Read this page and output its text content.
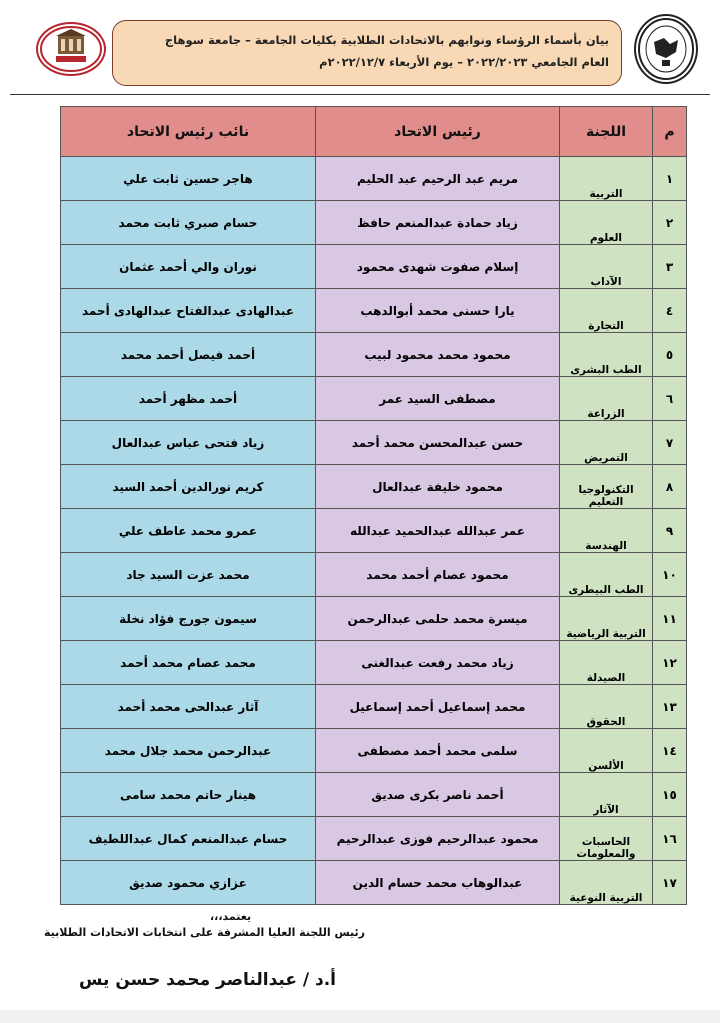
بيان بأسماء الرؤساء ونوابهم بالاتحادات الطلابية بكليات الجامعة – جامعة سوهاج
العام الجامعي ٢٠٢٢/٢٠٢٣ – يوم الأربعاء ٢٠٢٢/١٢/٧م
م	اللجنة	رئيس الاتحاد	نائب رئيس الاتحاد
١	التربية	مريم عبد الرحيم عبد الحليم	هاجر حسين ثابت علي
٢	العلوم	زياد حمادة عبدالمنعم حافظ	حسام صبري ثابت محمد
٣	الآداب	إسلام صفوت شهدى محمود	نوران والي أحمد عثمان
٤	التجارة	يارا حسنى محمد أبوالدهب	عبدالهادى عبدالفتاح عبدالهادى أحمد
٥	الطب البشرى	محمود محمد محمود لبيب	أحمد فيصل أحمد محمد
٦	الزراعة	مصطفى السيد عمر	أحمد مظهر أحمد
٧	التمريض	حسن عبدالمحسن محمد أحمد	زياد فتحى عباس عبدالعال
٨	التكنولوجيا التعليم	محمود خليفة عبدالعال	كريم نورالدين أحمد السيد
٩	الهندسة	عمر عبدالله عبدالحميد عبدالله	عمرو محمد عاطف علي
١٠	الطب البيطرى	محمود عصام أحمد محمد	محمد عزت السيد جاد
١١	التربية الرياضية	ميسرة محمد حلمى عبدالرحمن	سيمون جورج فؤاد نخلة
١٢	الصيدلة	زياد محمد رفعت عبدالغنى	محمد عصام محمد أحمد
١٣	الحقوق	محمد إسماعيل أحمد إسماعيل	آثار عبدالحى محمد أحمد
١٤	الألسن	سلمى محمد أحمد مصطفى	عبدالرحمن محمد جلال محمد
١٥	الآثار	أحمد ناصر بكرى صديق	هينار حاتم محمد سامى
١٦	الحاسبات والمعلومات	محمود عبدالرحيم فوزى عبدالرحيم	حسام عبدالمنعم كمال عبداللطيف
١٧	التربية النوعية	عبدالوهاب محمد حسام الدين	عزازي محمود صديق
يعتمد،،،
رئيس اللجنة العليا المشرفة على انتخابات الاتحادات الطلابية
أ.د / عبدالناصر محمد حسن يس
